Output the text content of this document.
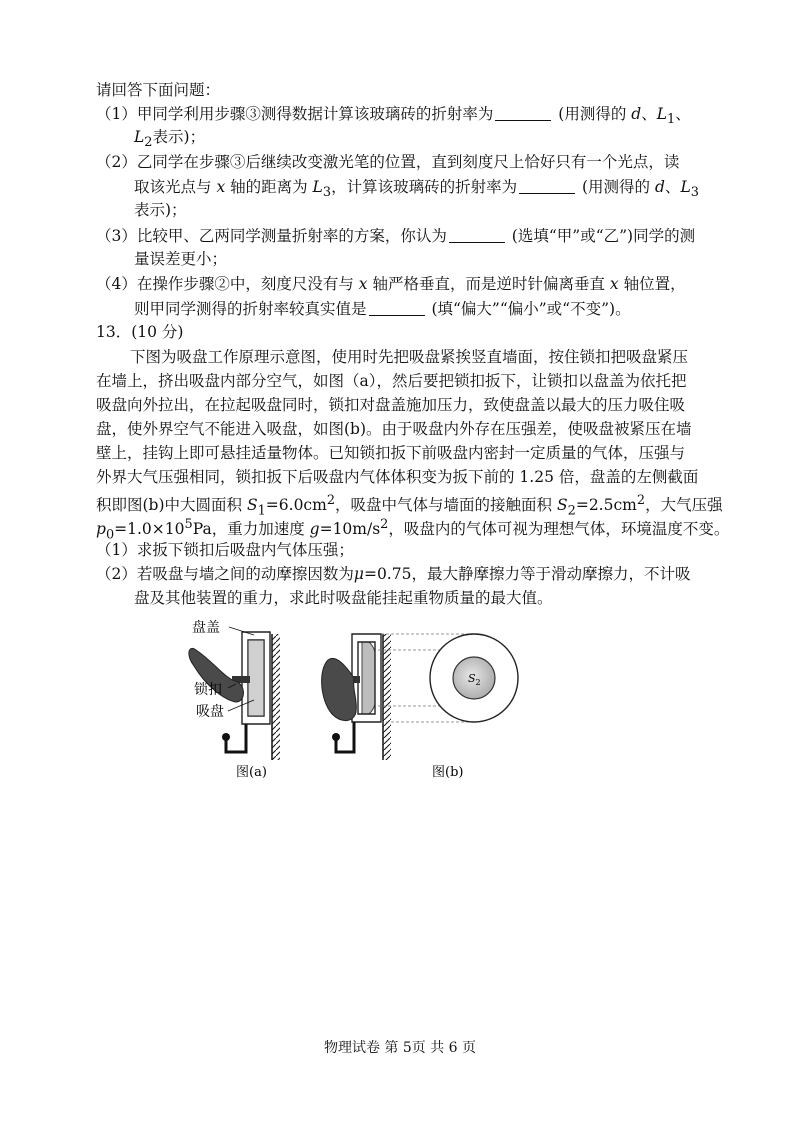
请回答下面问题：
（1）甲同学利用步骤③测得数据计算该玻璃砖的折射率为	(用测得的 d、$L_1$、
$L_2$表示)；
（2）乙同学在步骤③后继续改变激光笔的位置，直到刻度尺上恰好只有一个光点，读
取该光点与 x 轴的距离为 $L_3$，计算该玻璃砖的折射率为	(用测得的 d、$L_3$
表示)；
（3）比较甲、乙两同学测量折射率的方案，你认为	(选填“甲”或“乙”)同学的测
量误差更小；
（4）在操作步骤②中，刻度尺没有与 x 轴严格垂直，而是逆时针偏离垂直 x 轴位置，
则甲同学测得的折射率较真实值是	(填“偏大”“偏小”或“不变”)。
13．(10 分)
下图为吸盘工作原理示意图，使用时先把吸盘紧挨竖直墙面，按住锁扣把吸盘紧压
在墙上，挤出吸盘内部分空气，如图（a），然后要把锁扣扳下，让锁扣以盘盖为依托把
吸盘向外拉出，在拉起吸盘同时，锁扣对盘盖施加压力，致使盘盖以最大的压力吸住吸
盘，使外界空气不能进入吸盘，如图(b)。由于吸盘内外存在压强差，使吸盘被紧压在墙
壁上，挂钩上即可悬挂适量物体。已知锁扣扳下前吸盘内密封一定质量的气体，压强与
外界大气压强相同，锁扣扳下后吸盘内气体体积变为扳下前的 1.25 倍，盘盖的左侧截面
积即图(b)中大圆面积 $S_1=6.0cm^2$，吸盘中气体与墙面的接触面积 $S_2=2.5cm^2$，大气压强
$p_0=1.0\times 10^5Pa$，重力加速度 $g=10m/s^2$，吸盘内的气体可视为理想气体，环境温度不变。
（1）求扳下锁扣后吸盘内气体压强；
（2）若吸盘与墙之间的动摩擦因数为μ=0.75，最大静摩擦力等于滑动摩擦力，不计吸
盘及其他装置的重力，求此时吸盘能挂起重物质量的最大值。
盘盖
锁扣
吸盘
图(a)
$S_2$
图(b)
物理试卷 第 5页 共 6 页
